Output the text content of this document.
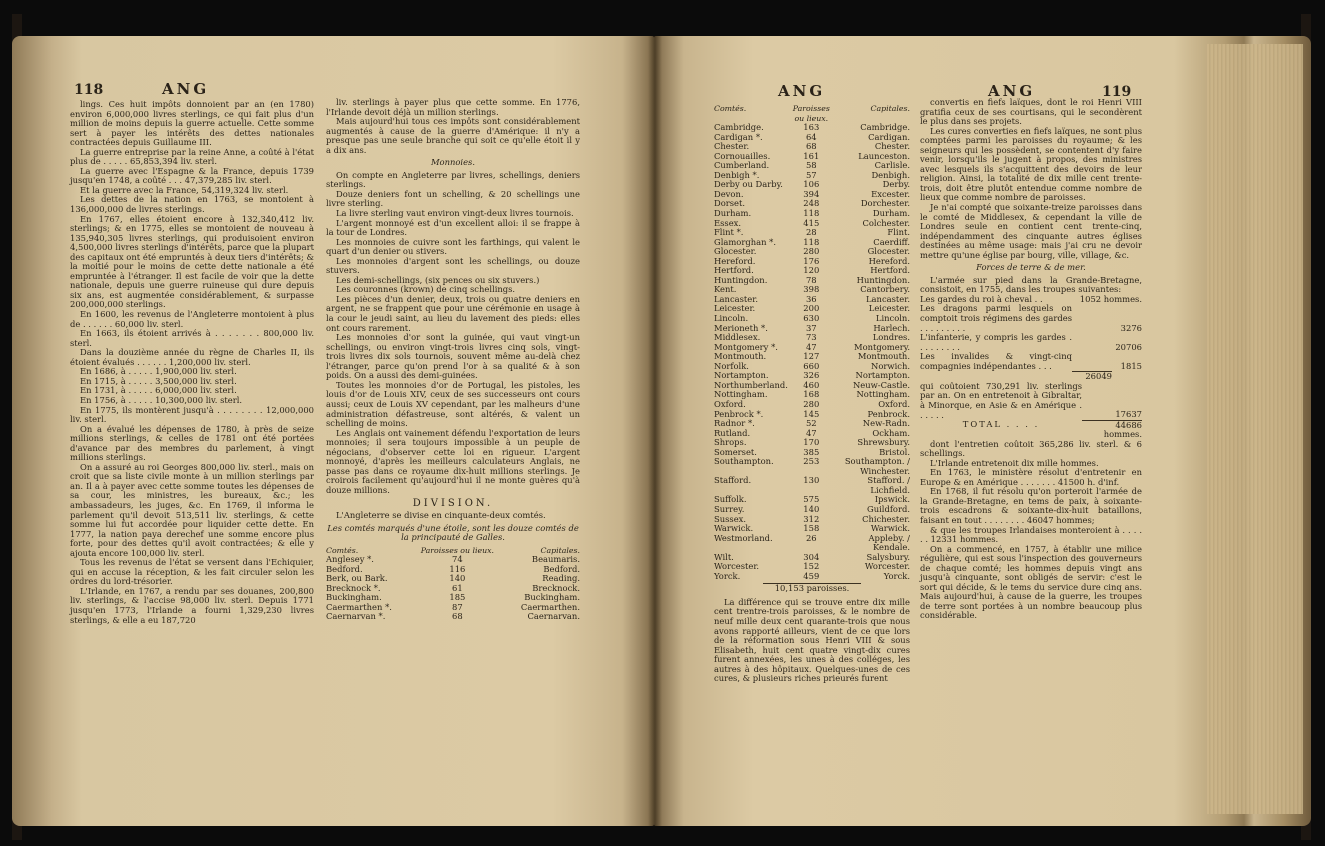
118	ANG

lings. Ces huit impôts donnoient par an (en 1780) environ 6,000,000 livres sterlings, ce qui fait plus d'un million de moins depuis la guerre actuelle. Cette somme sert à payer les intérêts des dettes nationales contractées depuis Guillaume III.

La guerre entreprise par la reine Anne, a coûté à l'état plus de . . . . . 65,853,394 liv. sterl.

La guerre avec l'Espagne & la France, depuis 1739 jusqu'en 1748, a coûté . . . 47,379,285 liv. sterl.

Et la guerre avec la France, 54,319,324 liv. sterl.

Les dettes de la nation en 1763, se montoient à 136,000,000 de livres sterlings.

En 1767, elles étoient encore à 132,340,412 liv. sterlings; & en 1775, elles se montoient de nouveau à 135,940,305 livres sterlings, qui produisoient environ 4,500,000 livres sterlings d'intérêts, parce que la plupart des capitaux ont été empruntés à deux tiers d'intérêts; & la moitié pour le moins de cette dette nationale a été empruntée à l'étranger. Il est facile de voir que la dette nationale, depuis une guerre ruineuse qui dure depuis six ans, est augmentée considérablement, & surpasse 200,000,000 sterlings.

En 1600, les revenus de l'Angleterre montoient à plus de . . . . . . 60,000 liv. sterl.

En 1663, ils étoient arrivés à . . . . . . . 800,000 liv. sterl.

Dans la douzième année du règne de Charles II, ils étoient évalués . . . . . . 1,200,000 liv. sterl.

En 1686, à . . . . . 1,900,000 liv. sterl.

En 1715, à . . . . . 3,500,000 liv. sterl.

En 1731, à . . . . . 6,000,000 liv. sterl.

En 1756, à . . . . . 10,300,000 liv. sterl.

En 1775, ils montèrent jusqu'à . . . . . . . . 12,000,000 liv. sterl.

On a évalué les dépenses de 1780, à près de seize millions sterlings, & celles de 1781 ont été portées d'avance par des membres du parlement, à vingt millions sterlings.

On a assuré au roi Georges 800,000 liv. sterl., mais on croit que sa liste civile monte à un million sterlings par an. Il a à payer avec cette somme toutes les dépenses de sa cour, les ministres, les bureaux, &c.; les ambassadeurs, les juges, &c. En 1769, il informa le parlement qu'il devoit 513,511 liv. sterlings, & cette somme lui fut accordée pour liquider cette dette. En 1777, la nation paya derechef une somme encore plus forte, pour des dettes qu'il avoit contractées; & elle y ajouta encore 100,000 liv. sterl.

Tous les revenus de l'état se versent dans l'Echiquier, qui en accuse la réception, & les fait circuler selon les ordres du lord-trésorier.

L'Irlande, en 1767, a rendu par ses douanes, 200,800 liv. sterlings, & l'accise 98,000 liv. sterl. Depuis 1771 jusqu'en 1773, l'Irlande a fourni 1,329,230 livres sterlings, & elle a eu 187,720

liv. sterlings à payer plus que cette somme. En 1776, l'Irlande devoit déjà un million sterlings.

Mais aujourd'hui tous ces impôts sont considérablement augmentés à cause de la guerre d'Amérique: il n'y a presque pas une seule branche qui soit ce qu'elle étoit il y a dix ans.

Monnoies.

On compte en Angleterre par livres, schellings, deniers sterlings.

Douze deniers font un schelling, & 20 schellings une livre sterling.

La livre sterling vaut environ vingt-deux livres tournois.

L'argent monnoyé est d'un excellent alloi: il se frappe à la tour de Londres.

Les monnoies de cuivre sont les farthings, qui valent le quart d'un denier ou stivers.

Les monnoies d'argent sont les schellings, ou douze stuvers.

Les demi-schellings, (six pences ou six stuvers.)

Les couronnes (krown) de cinq schellings.

Les pièces d'un denier, deux, trois ou quatre deniers en argent, ne se frappent que pour une cérémonie en usage à la cour le jeudi saint, au lieu du lavement des pieds: elles ont cours rarement.

Les monnoies d'or sont la guinée, qui vaut vingt-un schellings, ou environ vingt-trois livres cinq sols, vingt-trois livres dix sols tournois, souvent même au-delà chez l'étranger, parce qu'on prend l'or à sa qualité & à son poids. On a aussi des demi-guinées.

Toutes les monnoies d'or de Portugal, les pistoles, les louis d'or de Louis XIV, ceux de ses successeurs ont cours aussi; ceux de Louis XV cependant, par les malheurs d'une administration défastreuse, sont altérés, & valent un schelling de moins.

Les Anglais ont vainement défendu l'exportation de leurs monnoies; il sera toujours impossible à un peuple de négocians, d'observer cette loi en rigueur. L'argent monnoyé, d'après les meilleurs calculateurs Anglais, ne passe pas dans ce royaume dix-huit millions sterlings. Je croirois facilement qu'aujourd'hui il ne monte guères qu'à douze millions.

DIVISION.

L'Angleterre se divise en cinquante-deux comtés.

Les comtés marqués d'une étoile, sont les douze comtés de la principauté de Galles.

Comtés.	Paroisses ou lieux.	Capitales.
Anglesey *.	74	Beaumaris.
Bedford.	116	Bedford.
Berk, ou Bark.	140	Reading.
Brecknock *.	61	Brecknock.
Buckingham.	185	Buckingham.
Caermarthen *.	87	Caermarthen.
Caernarvan *.	68	Caernarvan.
ANG	ANG	119
Comtés.	Paroisses ou lieux.	Capitales.
Cambridge.	163	Cambridge.
Cardigan *.	64	Cardigan.
Chester.	68	Chester.
Cornouailles.	161	Launceston.
Cumberland.	58	Carlisle.
Denbigh *.	57	Denbigh.
Derby ou Darby.	106	Derby.
Devon.	394	Excester.
Dorset.	248	Dorchester.
Durham.	118	Durham.
Essex.	415	Colchester.
Flint *.	28	Flint.
Glamorghan *.	118	Caerdiff.
Glocester.	280	Glocester.
Hereford.	176	Hereford.
Hertford.	120	Hertford.
Huntingdon.	78	Huntingdon.
Kent.	398	Cantorbery.
Lancaster.	36	Lancaster.
Leicester.	200	Leicester.
Lincoln.	630	Lincoln.
Merioneth *.	37	Harlech.
Middlesex.	73	Londres.
Montgomery *.	47	Montgomery.
Montmouth.	127	Montmouth.
Norfolk.	660	Norwich.
Nortampton.	326	Nortampton.
Northumberland.	460	Neuw-Castle.
Nottingham.	168	Nottingham.
Oxford.	280	Oxford.
Penbrock *.	145	Penbrock.
Radnor *.	52	New-Radn.
Rutland.	47	Ockham.
Shrops.	170	Shrewsbury.
Somerset.	385	Bristol.
Southampton.	253	Southampton. / Winchester.
Stafford.	130	Stafford. / Lichfield.
Suffolk.	575	Ipswick.
Surrey.	140	Guildford.
Sussex.	312	Chichester.
Warwick.	158	Warwick.
Westmorland.	26	Appleby. / Kendale.
Wilt.	304	Salysbury.
Worcester.	152	Worcester.
Yorck.	459	Yorck.
10,153 paroisses.

La différence qui se trouve entre dix mille cent trentre-trois paroisses, & le nombre de neuf mille deux cent quarante-trois que nous avons rapporté ailleurs, vient de ce que lors de la réformation sous Henri VIII & sous Elisabeth, huit cent quatre vingt-dix cures furent annexées, les unes à des colléges, les autres à des hôpitaux. Quelques-unes de ces cures, & plusieurs riches prieurés furent

convertis en fiefs laïques, dont le roi Henri VIII gratifia ceux de ses courtisans, qui le secondèrent le plus dans ses projets.

Les cures converties en fiefs laïques, ne sont plus comptées parmi les paroisses du royaume; & les seigneurs qui les possèdent, se contentent d'y faire venir, lorsqu'ils le jugent à propos, des ministres avec lesquels ils s'acquittent des devoirs de leur religion. Ainsi, la totalité de dix mille cent trente-trois, doit être plutôt entendue comme nombre de lieux que comme nombre de paroisses.

Je n'ai compté que soixante-treize paroisses dans le comté de Middlesex, & cependant la ville de Londres seule en contient cent trente-cinq, indépendamment des cinquante autres églises destinées au même usage: mais j'ai cru ne devoir mettre qu'une église par bourg, ville, village, &c.

Forces de terre & de mer.

L'armée sur pied dans la Grande-Bretagne, consistoit, en 1755, dans les troupes suivantes:

Les gardes du roi à cheval . .	1052 hommes.
Les dragons parmi lesquels on comptoit trois régimens des gardes . . . . . . . . .	3276
L'infanterie, y compris les gardes . . . . . . . . .	20706
Les invalides & vingt-cinq compagnies indépendantes . . .	1815
26049
qui coûtoient 730,291 liv. sterlings par an. On en entretenoit à Gibraltar, à Minorque, en Asie & en Amérique . . . . . .	17637
TOTAL . . . .	44686 hommes.

dont l'entretien coûtoit 365,286 liv. sterl. & 6 schellings.

L'Irlande entretenoit dix mille hommes.

En 1763, le ministère résolut d'entretenir en Europe & en Amérique . . . . . . . 41500 h. d'inf.

En 1768, il fut résolu qu'on porteroit l'armée de la Grande-Bretagne, en tems de paix, à soixante-trois escadrons & soixante-dix-huit bataillons, faisant en tout . . . . . . . . 46047 hommes;

& que les troupes Irlandaises monteroient à . . . . . . 12331 hommes.

On a commencé, en 1757, à établir une milice régulière, qui est sous l'inspection des gouverneurs de chaque comté; les hommes depuis vingt ans jusqu'à cinquante, sont obligés de servir: c'est le sort qui décide, & le tems du service dure cinq ans. Mais aujourd'hui, à cause de la guerre, les troupes de terre sont portées à un nombre beaucoup plus considérable.
